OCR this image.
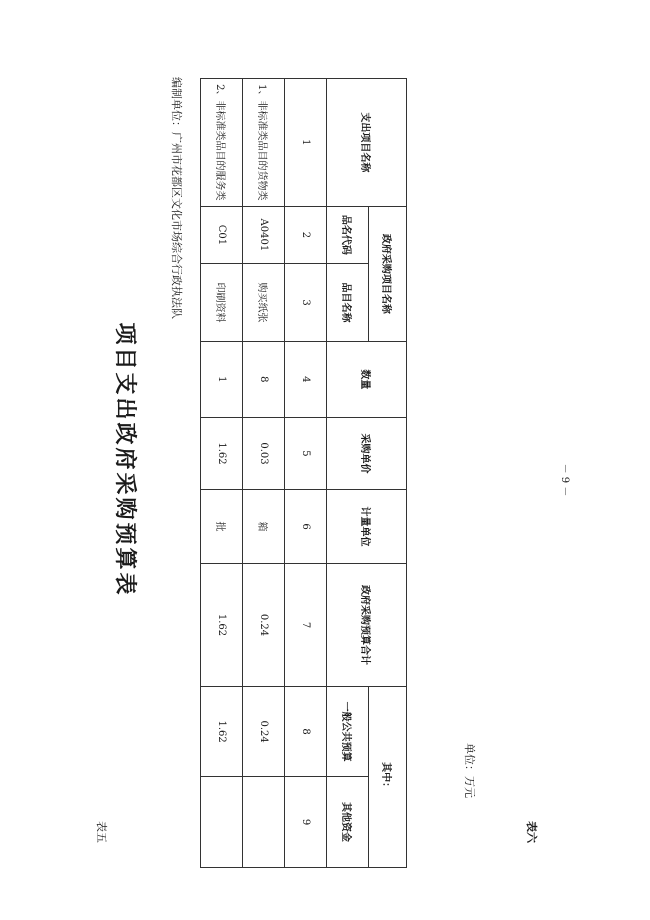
表五
项目支出政府采购预算表
表六
编制单位：广州市花都区文化市场综合行政执法队
单位：万元
支出项目名称	政府采购项目名称		数量	采购单价	计量单位	政府采购预算合计	其中：	
	品名代码	品目名称					一般公共预算	其他资金
1	2	3	4	5	6	7	8	9
1、非标准类品目的货物类	A0401	购买纸张	8	0.03	箱	0.24	0.24	
2、非标准类品目的服务类	C01	印刷资料	1	1.62	批	1.62	1.62	
－ 9 －
